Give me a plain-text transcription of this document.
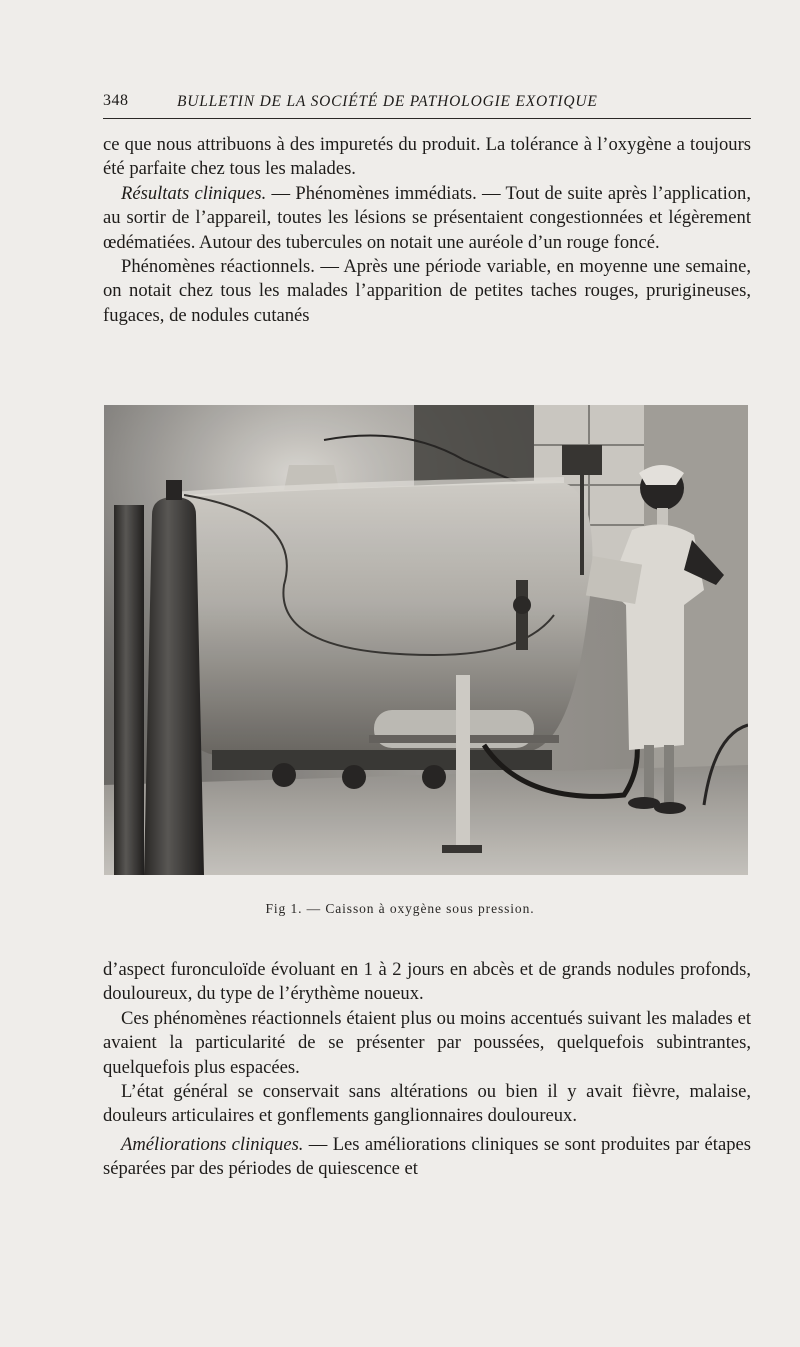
348	BULLETIN DE LA SOCIÉTÉ DE PATHOLOGIE EXOTIQUE

ce que nous attribuons à des impuretés du produit. La tolérance à l’oxygène a toujours été parfaite chez tous les malades.

Résultats cliniques. — Phénomènes immédiats. — Tout de suite après l’application, au sortir de l’appareil, toutes les lésions se présentaient congestionnées et légèrement œdématiées. Autour des tubercules on notait une auréole d’un rouge foncé.

Phénomènes réactionnels. — Après une période variable, en moyenne une semaine, on notait chez tous les malades l’apparition de petites taches rouges, prurigineuses, fugaces, de nodules cutanés

Fig 1. — Caisson à oxygène sous pression.

d’aspect furonculoïde évoluant en 1 à 2 jours en abcès et de grands nodules profonds, douloureux, du type de l’érythème noueux.

Ces phénomènes réactionnels étaient plus ou moins accentués suivant les malades et avaient la particularité de se présenter par poussées, quelquefois subintrantes, quelquefois plus espacées.

L’état général se conservait sans altérations ou bien il y avait fièvre, malaise, douleurs articulaires et gonflements ganglionnaires douloureux.

Améliorations cliniques. — Les améliorations cliniques se sont produites par étapes séparées par des périodes de quiescence et
